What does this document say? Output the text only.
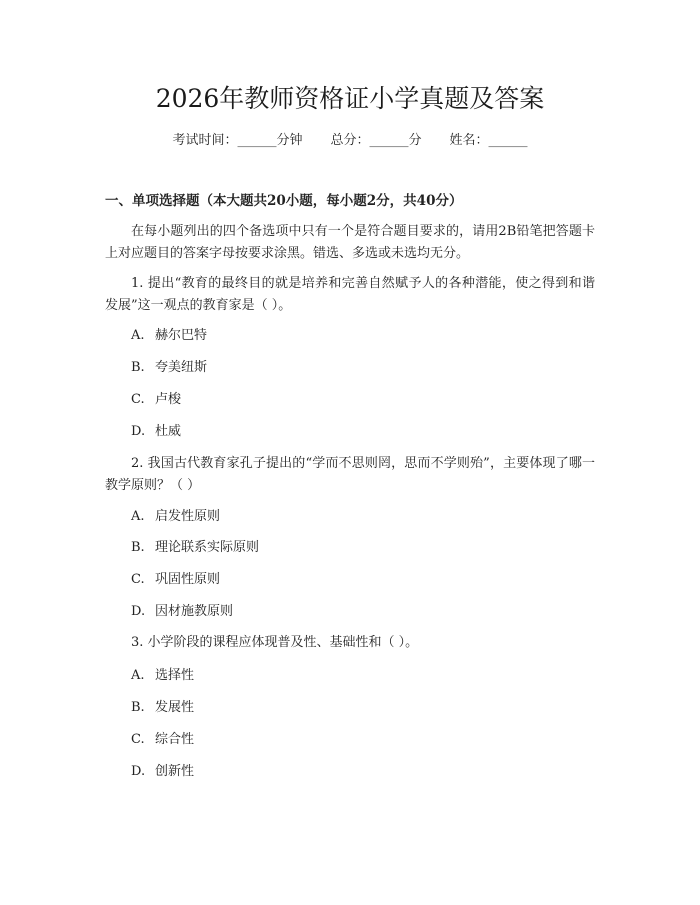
2026年教师资格证小学真题及答案
考试时间：______分钟 总分：______分 姓名：______
一、单项选择题（本大题共20小题，每小题2分，共40分）
在每小题列出的四个备选项中只有一个是符合题目要求的，请用2B铅笔把答题卡上对应题目的答案字母按要求涂黑。错选、多选或未选均无分。
1. 提出“教育的最终目的就是培养和完善自然赋予人的各种潜能，使之得到和谐发展”这一观点的教育家是（ ）。
A. 赫尔巴特
B. 夸美纽斯
C. 卢梭
D. 杜威
2. 我国古代教育家孔子提出的“学而不思则罔，思而不学则殆”，主要体现了哪一教学原则？（ ）
A. 启发性原则
B. 理论联系实际原则
C. 巩固性原则
D. 因材施教原则
3. 小学阶段的课程应体现普及性、基础性和（ ）。
A. 选择性
B. 发展性
C. 综合性
D. 创新性
